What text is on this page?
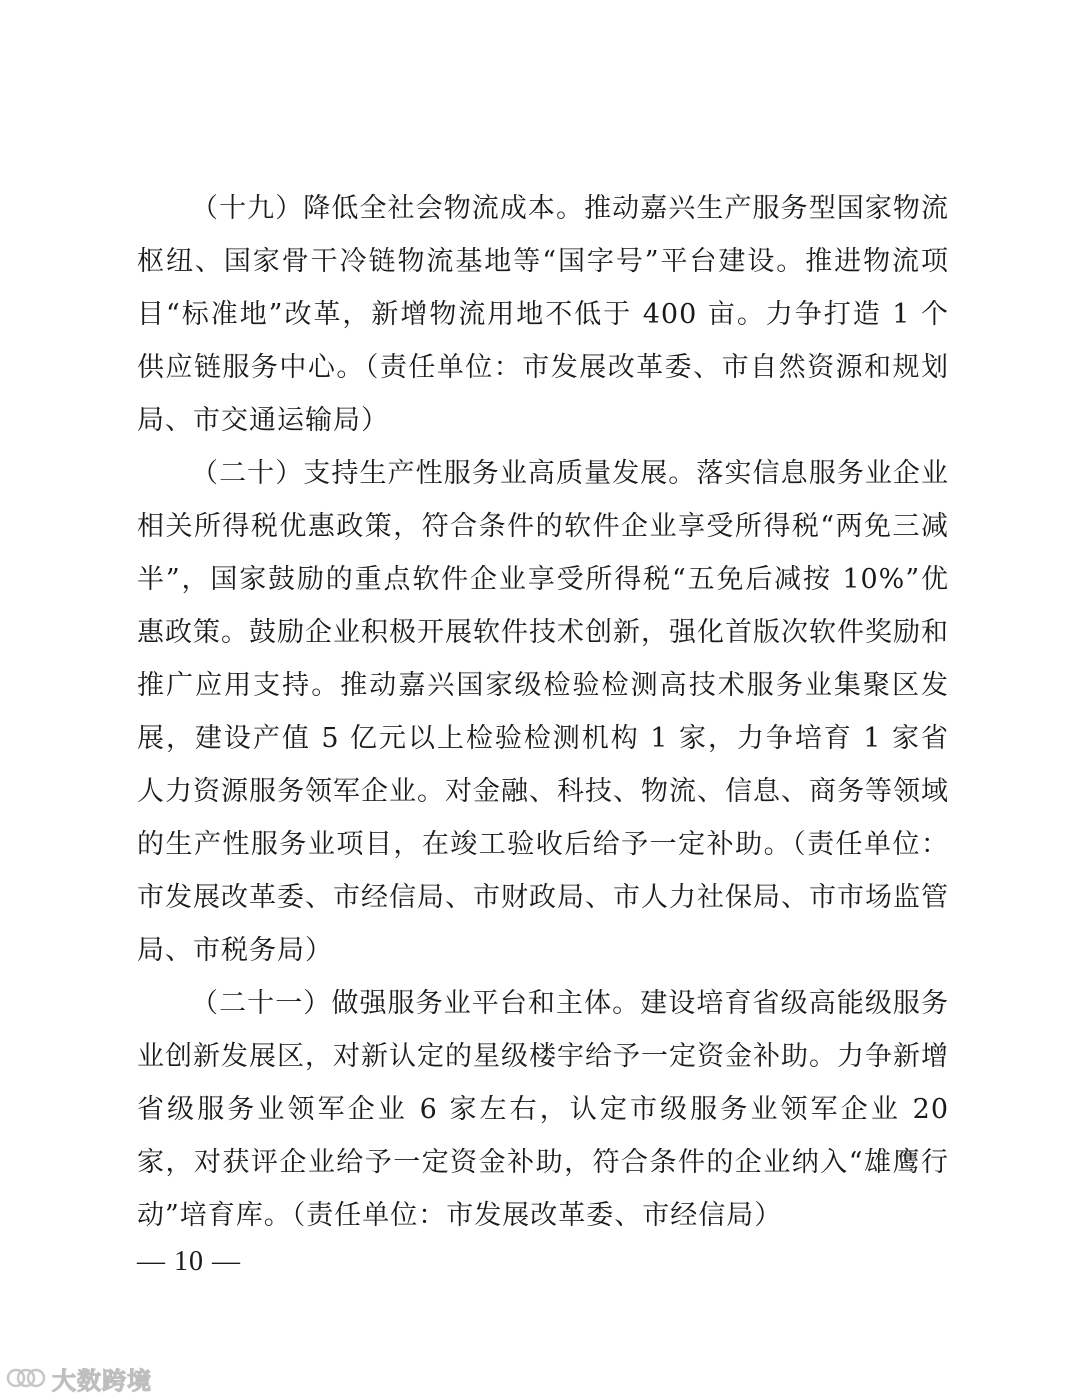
（十九）降低全社会物流成本。推动嘉兴生产服务型国家物流枢纽、国家骨干冷链物流基地等“国字号”平台建设。推进物流项目“标准地”改革，新增物流用地不低于 400 亩。力争打造 1 个供应链服务中心。（责任单位：市发展改革委、市自然资源和规划局、市交通运输局）

（二十）支持生产性服务业高质量发展。落实信息服务业企业相关所得税优惠政策，符合条件的软件企业享受所得税“两免三减半”，国家鼓励的重点软件企业享受所得税“五免后减按 10%”优惠政策。鼓励企业积极开展软件技术创新，强化首版次软件奖励和推广应用支持。推动嘉兴国家级检验检测高技术服务业集聚区发展，建设产值 5 亿元以上检验检测机构 1 家，力争培育 1 家省人力资源服务领军企业。对金融、科技、物流、信息、商务等领域的生产性服务业项目，在竣工验收后给予一定补助。（责任单位：市发展改革委、市经信局、市财政局、市人力社保局、市市场监管局、市税务局）

（二十一）做强服务业平台和主体。建设培育省级高能级服务业创新发展区，对新认定的星级楼宇给予一定资金补助。力争新增省级服务业领军企业 6 家左右，认定市级服务业领军企业 20 家，对获评企业给予一定资金补助，符合条件的企业纳入“雄鹰行动”培育库。（责任单位：市发展改革委、市经信局）

— 10 —
大数跨境
